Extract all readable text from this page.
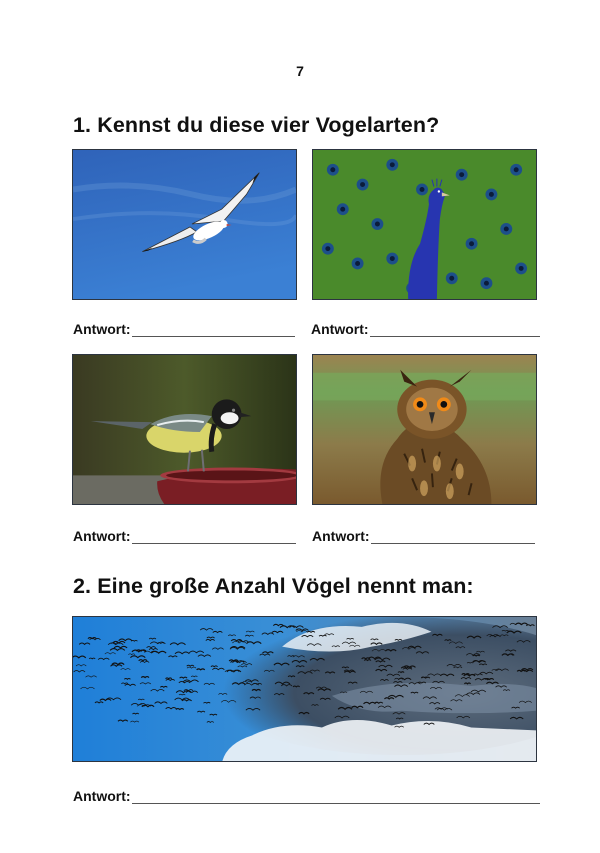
7
1. Kennst du diese vier Vogelarten?
Antwort:	Antwort:
Antwort:	Antwort:
2. Eine große Anzahl Vögel nennt man:
Antwort:
